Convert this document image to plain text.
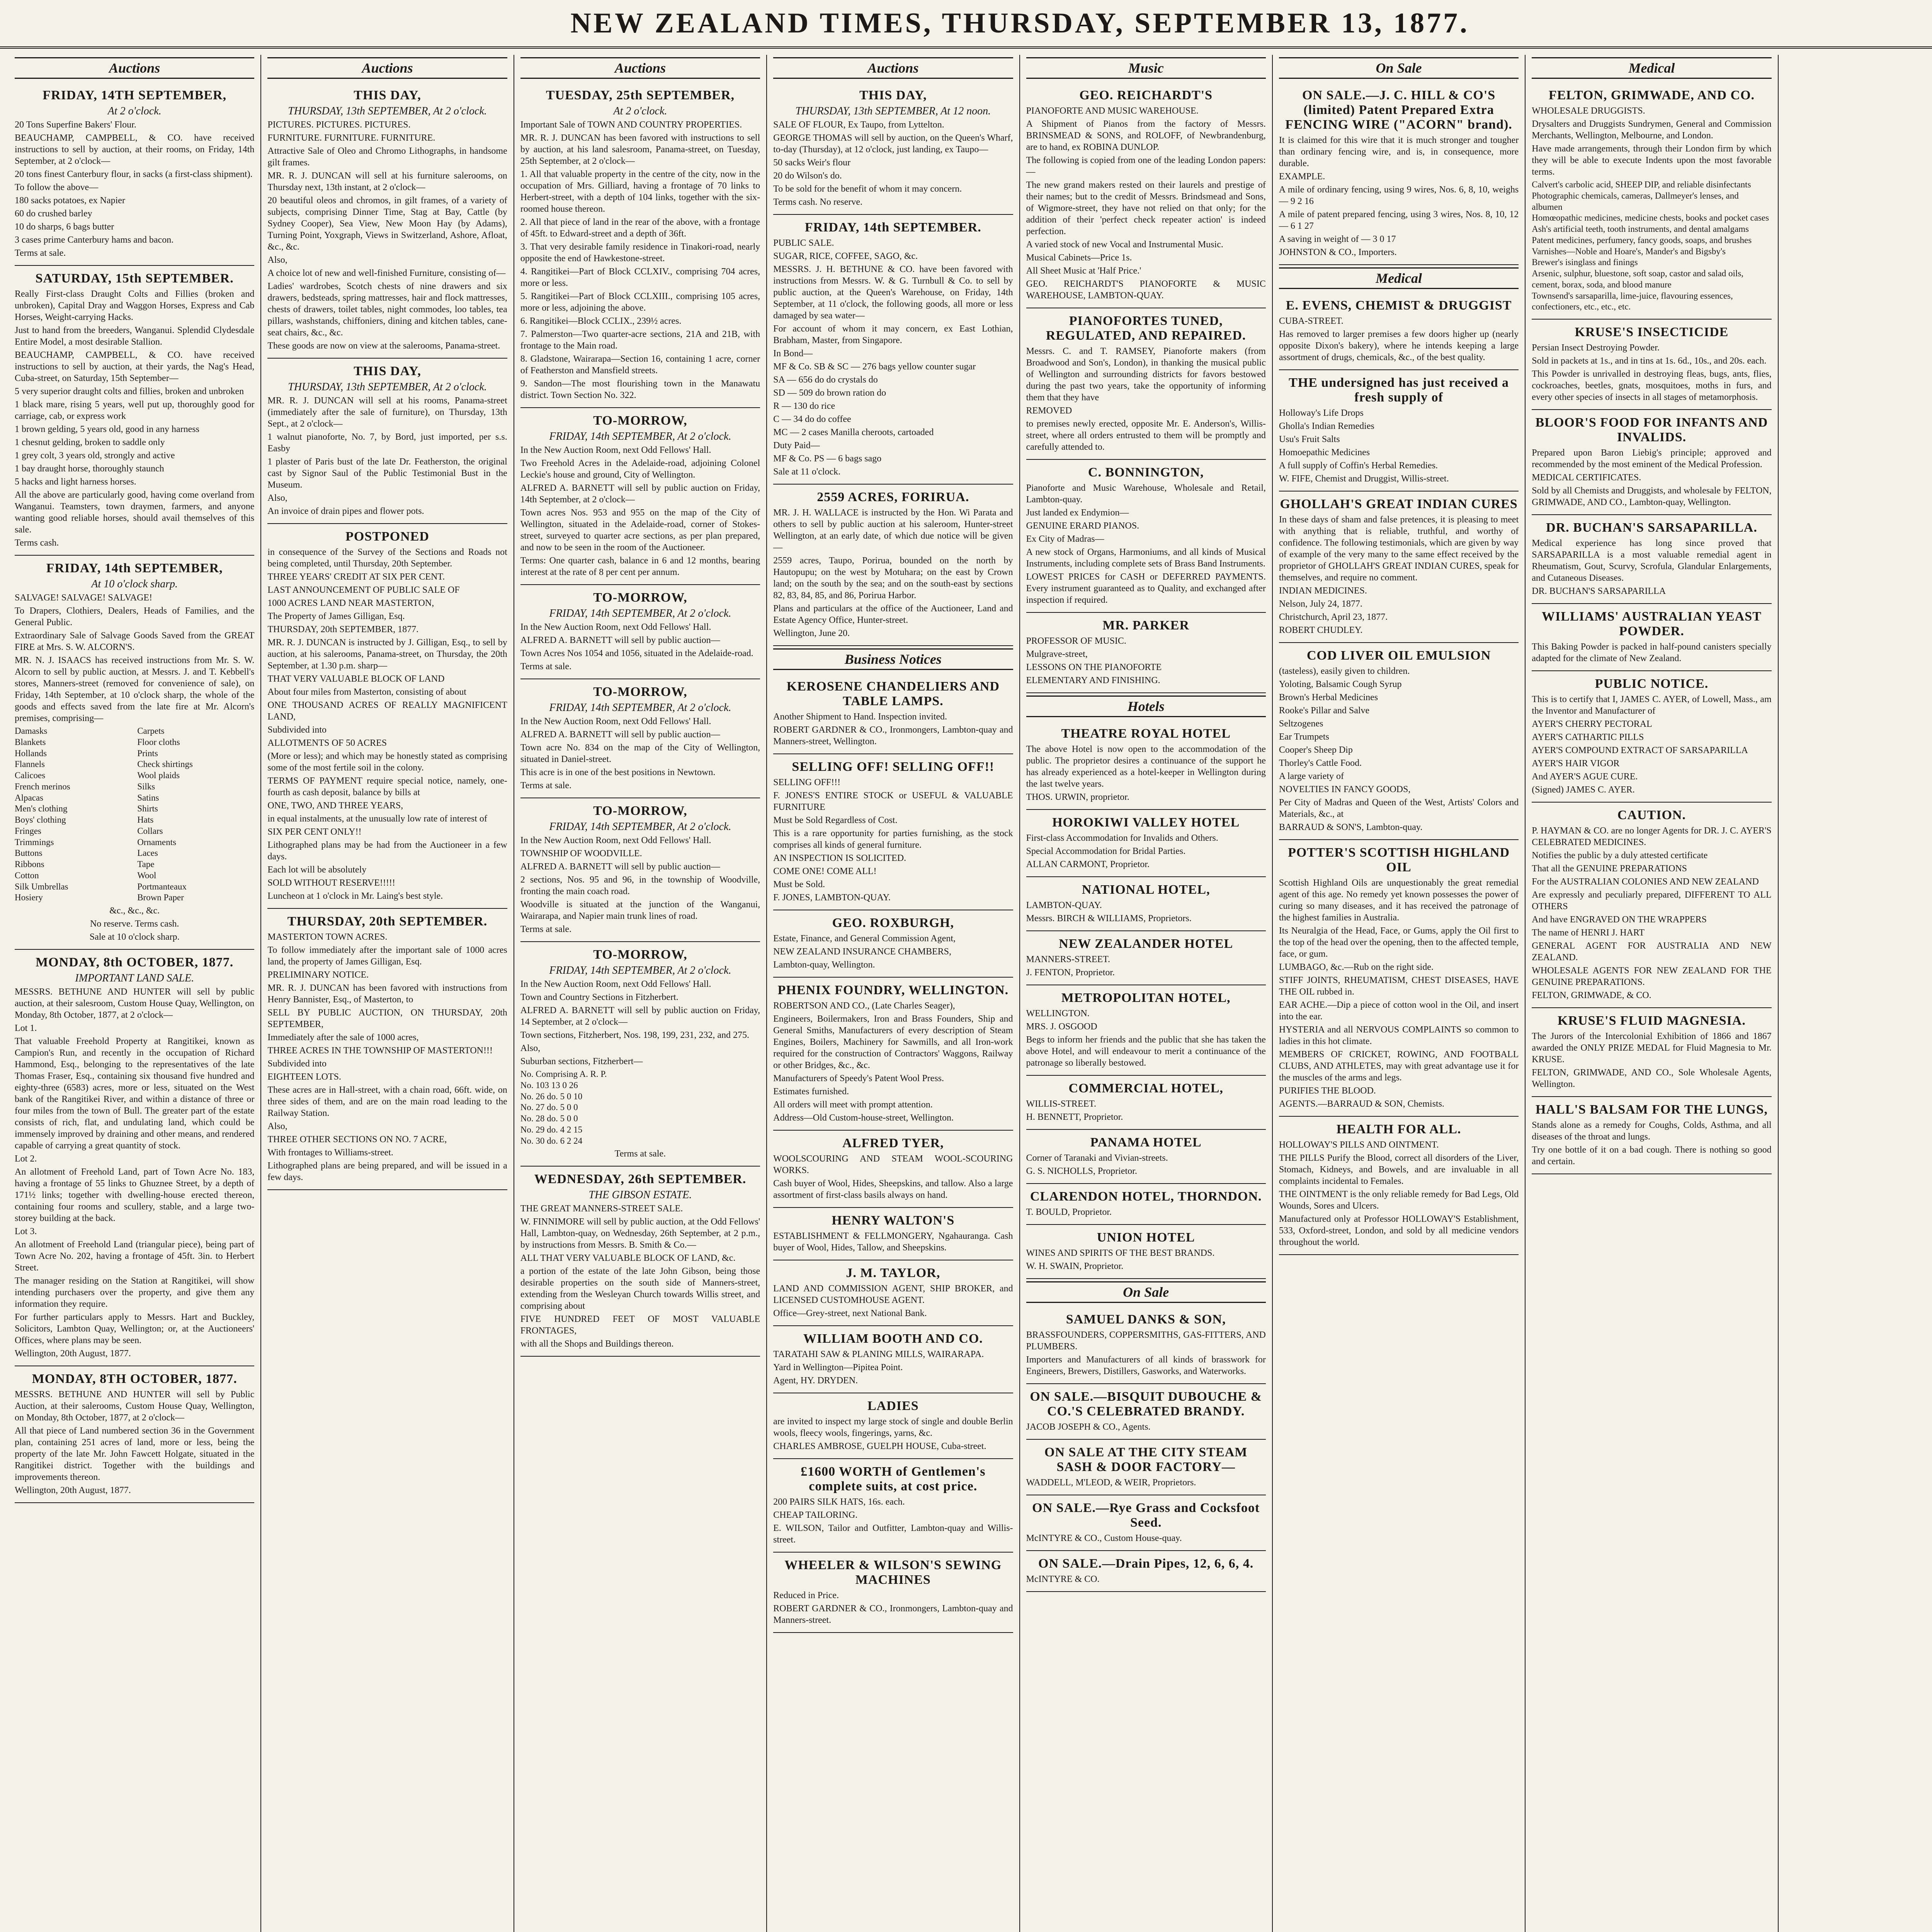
NEW ZEALAND TIMES, THURSDAY, SEPTEMBER 13, 1877.
Auctions
FRIDAY, 14TH SEPTEMBER,
At 2 o'clock.

20 Tons Superfine Bakers' Flour.

BEAUCHAMP, CAMPBELL, & CO. have received instructions to sell by auction, at their rooms, on Friday, 14th September, at 2 o'clock—

20 tons finest Canterbury flour, in sacks (a first-class shipment).

To follow the above—

180 sacks potatoes, ex Napier

60 do crushed barley

10 do sharps, 6 bags butter

3 cases prime Canterbury hams and bacon.

Terms at sale.

SATURDAY, 15th SEPTEMBER.

Really First-class Draught Colts and Fillies (broken and unbroken), Capital Dray and Waggon Horses, Express and Cab Horses, Weight-carrying Hacks.

Just to hand from the breeders, Wanganui. Splendid Clydesdale Entire Model, a most desirable Stallion.

BEAUCHAMP, CAMPBELL, & CO. have received instructions to sell by auction, at their yards, the Nag's Head, Cuba-street, on Saturday, 15th September—

5 very superior draught colts and fillies, broken and unbroken

1 black mare, rising 5 years, well put up, thoroughly good for carriage, cab, or express work

1 brown gelding, 5 years old, good in any harness

1 chesnut gelding, broken to saddle only

1 grey colt, 3 years old, strongly and active

1 bay draught horse, thoroughly staunch

5 hacks and light harness horses.

All the above are particularly good, having come overland from Wanganui. Teamsters, town draymen, farmers, and anyone wanting good reliable horses, should avail themselves of this sale.

Terms cash.

FRIDAY, 14th SEPTEMBER,
At 10 o'clock sharp.

SALVAGE! SALVAGE! SALVAGE!

To Drapers, Clothiers, Dealers, Heads of Families, and the General Public.

Extraordinary Sale of Salvage Goods Saved from the GREAT FIRE at Mrs. S. W. ALCORN'S.

MR. N. J. ISAACS has received instructions from Mr. S. W. Alcorn to sell by public auction, at Messrs. J. and T. Kebbell's stores, Manners-street (removed for convenience of sale), on Friday, 14th September, at 10 o'clock sharp, the whole of the goods and effects saved from the late fire at Mr. Alcorn's premises, comprising—

Damasks	Carpets
Blankets	Floor cloths
Hollands	Prints
Flannels	Check shirtings
Calicoes	Wool plaids
French merinos	Silks
Alpacas	Satins
Men's clothing	Shirts
Boys' clothing	Hats
Fringes	Collars
Trimmings	Ornaments
Buttons	Laces
Ribbons	Tape
Cotton	Wool
Silk Umbrellas	Portmanteaux
Hosiery	Brown Paper

&c., &c., &c.

No reserve. Terms cash.

Sale at 10 o'clock sharp.

MONDAY, 8th OCTOBER, 1877.
IMPORTANT LAND SALE.

MESSRS. BETHUNE AND HUNTER will sell by public auction, at their salesroom, Custom House Quay, Wellington, on Monday, 8th October, 1877, at 2 o'clock—

Lot 1.

That valuable Freehold Property at Rangitikei, known as Campion's Run, and recently in the occupation of Richard Hammond, Esq., belonging to the representatives of the late Thomas Fraser, Esq., containing six thousand five hundred and eighty-three (6583) acres, more or less, situated on the West bank of the Rangitikei River, and within a distance of three or four miles from the town of Bull. The greater part of the estate consists of rich, flat, and undulating land, which could be immensely improved by draining and other means, and rendered capable of carrying a great quantity of stock.

Lot 2.

An allotment of Freehold Land, part of Town Acre No. 183, having a frontage of 55 links to Ghuznee Street, by a depth of 171½ links; together with dwelling-house erected thereon, containing four rooms and scullery, stable, and a large two-storey building at the back.

Lot 3.

An allotment of Freehold Land (triangular piece), being part of Town Acre No. 202, having a frontage of 45ft. 3in. to Herbert Street.

The manager residing on the Station at Rangitikei, will show intending purchasers over the property, and give them any information they require.

For further particulars apply to Messrs. Hart and Buckley, Solicitors, Lambton Quay, Wellington; or, at the Auctioneers' Offices, where plans may be seen.

Wellington, 20th August, 1877.

MONDAY, 8TH OCTOBER, 1877.

MESSRS. BETHUNE AND HUNTER will sell by Public Auction, at their salerooms, Custom House Quay, Wellington, on Monday, 8th October, 1877, at 2 o'clock—

All that piece of Land numbered section 36 in the Government plan, containing 251 acres of land, more or less, being the property of the late Mr. John Fawcett Holgate, situated in the Rangitikei district. Together with the buildings and improvements thereon.

Wellington, 20th August, 1877.

Auctions
THIS DAY,
THURSDAY, 13th SEPTEMBER, At 2 o'clock.

PICTURES. PICTURES. PICTURES.

FURNITURE. FURNITURE. FURNITURE.

Attractive Sale of Oleo and Chromo Lithographs, in handsome gilt frames.

MR. R. J. DUNCAN will sell at his furniture salerooms, on Thursday next, 13th instant, at 2 o'clock—

20 beautiful oleos and chromos, in gilt frames, of a variety of subjects, comprising Dinner Time, Stag at Bay, Cattle (by Sydney Cooper), Sea View, New Moon Hay (by Adams), Turning Point, Yoxgraph, Views in Switzerland, Ashore, Afloat, &c., &c.

Also,

A choice lot of new and well-finished Furniture, consisting of—

Ladies' wardrobes, Scotch chests of nine drawers and six drawers, bedsteads, spring mattresses, hair and flock mattresses, chests of drawers, toilet tables, night commodes, loo tables, tea pillars, washstands, chiffoniers, dining and kitchen tables, cane-seat chairs, &c., &c.

These goods are now on view at the salerooms, Panama-street.

THIS DAY,
THURSDAY, 13th SEPTEMBER, At 2 o'clock.

MR. R. J. DUNCAN will sell at his rooms, Panama-street (immediately after the sale of furniture), on Thursday, 13th Sept., at 2 o'clock—

1 walnut pianoforte, No. 7, by Bord, just imported, per s.s. Easby

1 plaster of Paris bust of the late Dr. Featherston, the original cast by Signor Saul of the Public Testimonial Bust in the Museum.

Also,

An invoice of drain pipes and flower pots.

POSTPONED

in consequence of the Survey of the Sections and Roads not being completed, until Thursday, 20th September.

THREE YEARS' CREDIT AT SIX PER CENT.

LAST ANNOUNCEMENT OF PUBLIC SALE OF

1000 ACRES LAND NEAR MASTERTON,

The Property of James Gilligan, Esq.

THURSDAY, 20th SEPTEMBER, 1877.

MR. R. J. DUNCAN is instructed by J. Gilligan, Esq., to sell by auction, at his salerooms, Panama-street, on Thursday, the 20th September, at 1.30 p.m. sharp—

THAT VERY VALUABLE BLOCK OF LAND

About four miles from Masterton, consisting of about

ONE THOUSAND ACRES OF REALLY MAGNIFICENT LAND,

Subdivided into

ALLOTMENTS OF 50 ACRES

(More or less); and which may be honestly stated as comprising some of the most fertile soil in the colony.

TERMS OF PAYMENT require special notice, namely, one-fourth as cash deposit, balance by bills at

ONE, TWO, AND THREE YEARS,

in equal instalments, at the unusually low rate of interest of

SIX PER CENT ONLY!!

Lithographed plans may be had from the Auctioneer in a few days.

Each lot will be absolutely

SOLD WITHOUT RESERVE!!!!!

Luncheon at 1 o'clock in Mr. Laing's best style.

THURSDAY, 20th SEPTEMBER.

MASTERTON TOWN ACRES.

To follow immediately after the important sale of 1000 acres land, the property of James Gilligan, Esq.

PRELIMINARY NOTICE.

MR. R. J. DUNCAN has been favored with instructions from Henry Bannister, Esq., of Masterton, to

SELL BY PUBLIC AUCTION, ON THURSDAY, 20th SEPTEMBER,

Immediately after the sale of 1000 acres,

THREE ACRES IN THE TOWNSHIP OF MASTERTON!!!

Subdivided into

EIGHTEEN LOTS.

These acres are in Hall-street, with a chain road, 66ft. wide, on three sides of them, and are on the main road leading to the Railway Station.

Also,

THREE OTHER SECTIONS ON NO. 7 ACRE,

With frontages to Williams-street.

Lithographed plans are being prepared, and will be issued in a few days.

Auctions
TUESDAY, 25th SEPTEMBER,
At 2 o'clock.

Important Sale of TOWN AND COUNTRY PROPERTIES.

MR. R. J. DUNCAN has been favored with instructions to sell by auction, at his land salesroom, Panama-street, on Tuesday, 25th September, at 2 o'clock—

1. All that valuable property in the centre of the city, now in the occupation of Mrs. Gilliard, having a frontage of 70 links to Herbert-street, with a depth of 104 links, together with the six-roomed house thereon.

2. All that piece of land in the rear of the above, with a frontage of 45ft. to Edward-street and a depth of 36ft.

3. That very desirable family residence in Tinakori-road, nearly opposite the end of Hawkestone-street.

4. Rangitikei—Part of Block CCLXIV., comprising 704 acres, more or less.

5. Rangitikei—Part of Block CCLXIII., comprising 105 acres, more or less, adjoining the above.

6. Rangitikei—Block CCLIX., 239½ acres.

7. Palmerston—Two quarter-acre sections, 21A and 21B, with frontage to the Main road.

8. Gladstone, Wairarapa—Section 16, containing 1 acre, corner of Featherston and Mansfield streets.

9. Sandon—The most flourishing town in the Manawatu district. Town Section No. 322.

TO-MORROW,
FRIDAY, 14th SEPTEMBER, At 2 o'clock.

In the New Auction Room, next Odd Fellows' Hall.

Two Freehold Acres in the Adelaide-road, adjoining Colonel Leckie's house and ground, City of Wellington.

ALFRED A. BARNETT will sell by public auction on Friday, 14th September, at 2 o'clock—

Town acres Nos. 953 and 955 on the map of the City of Wellington, situated in the Adelaide-road, corner of Stokes-street, surveyed to quarter acre sections, as per plan prepared, and now to be seen in the room of the Auctioneer.

Terms: One quarter cash, balance in 6 and 12 months, bearing interest at the rate of 8 per cent per annum.

TO-MORROW,
FRIDAY, 14th SEPTEMBER, At 2 o'clock.

In the New Auction Room, next Odd Fellows' Hall.

ALFRED A. BARNETT will sell by public auction—

Town Acres Nos 1054 and 1056, situated in the Adelaide-road.

Terms at sale.

TO-MORROW,
FRIDAY, 14th SEPTEMBER, At 2 o'clock.

In the New Auction Room, next Odd Fellows' Hall.

ALFRED A. BARNETT will sell by public auction—

Town acre No. 834 on the map of the City of Wellington, situated in Daniel-street.

This acre is in one of the best positions in Newtown.

Terms at sale.

TO-MORROW,
FRIDAY, 14th SEPTEMBER, At 2 o'clock.

In the New Auction Room, next Odd Fellows' Hall.

TOWNSHIP OF WOODVILLE.

ALFRED A. BARNETT will sell by public auction—

2 sections, Nos. 95 and 96, in the township of Woodville, fronting the main coach road.

Woodville is situated at the junction of the Wanganui, Wairarapa, and Napier main trunk lines of road.

Terms at sale.

TO-MORROW,
FRIDAY, 14th SEPTEMBER, At 2 o'clock.

In the New Auction Room, next Odd Fellows' Hall.

Town and Country Sections in Fitzherbert.

ALFRED A. BARNETT will sell by public auction on Friday, 14 September, at 2 o'clock—

Town sections, Fitzherbert, Nos. 198, 199, 231, 232, and 275.

Also,

Suburban sections, Fitzherbert—

No. Comprising A. R. P.
No. 103 13 0 26
No. 26 do. 5 0 10
No. 27 do. 5 0 0
No. 28 do. 5 0 0
No. 29 do. 4 2 15
No. 30 do. 6 2 24

Terms at sale.

WEDNESDAY, 26th SEPTEMBER.
THE GIBSON ESTATE.

THE GREAT MANNERS-STREET SALE.

W. FINNIMORE will sell by public auction, at the Odd Fellows' Hall, Lambton-quay, on Wednesday, 26th September, at 2 p.m., by instructions from Messrs. B. Smith & Co.—

ALL THAT VERY VALUABLE BLOCK OF LAND, &c.

a portion of the estate of the late John Gibson, being those desirable properties on the south side of Manners-street, extending from the Wesleyan Church towards Willis street, and comprising about

FIVE HUNDRED FEET OF MOST VALUABLE FRONTAGES,

with all the Shops and Buildings thereon.

Auctions
THIS DAY,
THURSDAY, 13th SEPTEMBER, At 12 noon.

SALE OF FLOUR, Ex Taupo, from Lyttelton.

GEORGE THOMAS will sell by auction, on the Queen's Wharf, to-day (Thursday), at 12 o'clock, just landing, ex Taupo—

50 sacks Weir's flour

20 do Wilson's do.

To be sold for the benefit of whom it may concern.

Terms cash. No reserve.

FRIDAY, 14th SEPTEMBER.

PUBLIC SALE.

SUGAR, RICE, COFFEE, SAGO, &c.

MESSRS. J. H. BETHUNE & CO. have been favored with instructions from Messrs. W. & G. Turnbull & Co. to sell by public auction, at the Queen's Warehouse, on Friday, 14th September, at 11 o'clock, the following goods, all more or less damaged by sea water—

For account of whom it may concern, ex East Lothian, Brabham, Master, from Singapore.

In Bond—

MF & Co. SB & SC — 276 bags yellow counter sugar

SA — 656 do do crystals do

SD — 509 do brown ration do

R — 130 do rice

C — 34 do do coffee

MC — 2 cases Manilla cheroots, cartoaded

Duty Paid—

MF & Co. PS — 6 bags sago

Sale at 11 o'clock.

2559 ACRES, FORIRUA.

MR. J. H. WALLACE is instructed by the Hon. Wi Parata and others to sell by public auction at his saleroom, Hunter-street Wellington, at an early date, of which due notice will be given—

2559 acres, Taupo, Porirua, bounded on the north by Hautopupu; on the west by Motuhara; on the east by Crown land; on the south by the sea; and on the south-east by sections 82, 83, 84, 85, and 86, Porirua Harbor.

Plans and particulars at the office of the Auctioneer, Land and Estate Agency Office, Hunter-street.

Wellington, June 20.

Business Notices
KEROSENE CHANDELIERS AND TABLE LAMPS.

Another Shipment to Hand. Inspection invited.

ROBERT GARDNER & CO., Ironmongers, Lambton-quay and Manners-street, Wellington.

SELLING OFF! SELLING OFF!!

SELLING OFF!!!

F. JONES'S ENTIRE STOCK or USEFUL & VALUABLE FURNITURE

Must be Sold Regardless of Cost.

This is a rare opportunity for parties furnishing, as the stock comprises all kinds of general furniture.

AN INSPECTION IS SOLICITED.

COME ONE! COME ALL!

Must be Sold.

F. JONES, LAMBTON-QUAY.

GEO. ROXBURGH,

Estate, Finance, and General Commission Agent,

NEW ZEALAND INSURANCE CHAMBERS,

Lambton-quay, Wellington.

PHENIX FOUNDRY, WELLINGTON.

ROBERTSON AND CO., (Late Charles Seager),

Engineers, Boilermakers, Iron and Brass Founders, Ship and General Smiths, Manufacturers of every description of Steam Engines, Boilers, Machinery for Sawmills, and all Iron-work required for the construction of Contractors' Waggons, Railway or other Bridges, &c., &c.

Manufacturers of Speedy's Patent Wool Press.

Estimates furnished.

All orders will meet with prompt attention.

Address—Old Custom-house-street, Wellington.

ALFRED TYER,

WOOLSCOURING AND STEAM WOOL-SCOURING WORKS.

Cash buyer of Wool, Hides, Sheepskins, and tallow. Also a large assortment of first-class basils always on hand.

HENRY WALTON'S

ESTABLISHMENT & FELLMONGERY, Ngahauranga. Cash buyer of Wool, Hides, Tallow, and Sheepskins.

J. M. TAYLOR,

LAND AND COMMISSION AGENT, SHIP BROKER, and LICENSED CUSTOMHOUSE AGENT.

Office—Grey-street, next National Bank.

WILLIAM BOOTH AND CO.

TARATAHI SAW & PLANING MILLS, WAIRARAPA.

Yard in Wellington—Pipitea Point.

Agent, HY. DRYDEN.

LADIES

are invited to inspect my large stock of single and double Berlin wools, fleecy wools, fingerings, yarns, &c.

CHARLES AMBROSE, GUELPH HOUSE, Cuba-street.

£1600 WORTH of Gentlemen's complete suits, at cost price.

200 PAIRS SILK HATS, 16s. each.

CHEAP TAILORING.

E. WILSON, Tailor and Outfitter, Lambton-quay and Willis-street.

WHEELER & WILSON'S SEWING MACHINES

Reduced in Price.

ROBERT GARDNER & CO., Ironmongers, Lambton-quay and Manners-street.

Music
GEO. REICHARDT'S

PIANOFORTE AND MUSIC WAREHOUSE.

A Shipment of Pianos from the factory of Messrs. BRINSMEAD & SONS, and ROLOFF, of Newbrandenburg, are to hand, ex ROBINA DUNLOP.

The following is copied from one of the leading London papers:—

The new grand makers rested on their laurels and prestige of their names; but to the credit of Messrs. Brindsmead and Sons, of Wigmore-street, they have not relied on that only; for the addition of their 'perfect check repeater action' is indeed perfection.

A varied stock of new Vocal and Instrumental Music.

Musical Cabinets—Price 1s.

All Sheet Music at 'Half Price.'

GEO. REICHARDT'S PIANOFORTE & MUSIC WAREHOUSE, LAMBTON-QUAY.

PIANOFORTES TUNED, REGULATED, AND REPAIRED.

Messrs. C. and T. RAMSEY, Pianoforte makers (from Broadwood and Son's, London), in thanking the musical public of Wellington and surrounding districts for favors bestowed during the past two years, take the opportunity of informing them that they have

REMOVED

to premises newly erected, opposite Mr. E. Anderson's, Willis-street, where all orders entrusted to them will be promptly and carefully attended to.

C. BONNINGTON,

Pianoforte and Music Warehouse, Wholesale and Retail, Lambton-quay.

Just landed ex Endymion—

GENUINE ERARD PIANOS.

Ex City of Madras—

A new stock of Organs, Harmoniums, and all kinds of Musical Instruments, including complete sets of Brass Band Instruments.

LOWEST PRICES for CASH or DEFERRED PAYMENTS. Every instrument guaranteed as to Quality, and exchanged after inspection if required.

MR. PARKER

PROFESSOR OF MUSIC.

Mulgrave-street,

LESSONS ON THE PIANOFORTE

ELEMENTARY AND FINISHING.

Hotels
THEATRE ROYAL HOTEL

The above Hotel is now open to the accommodation of the public. The proprietor desires a continuance of the support he has already experienced as a hotel-keeper in Wellington during the last twelve years.

THOS. URWIN, proprietor.

HOROKIWI VALLEY HOTEL

First-class Accommodation for Invalids and Others.

Special Accommodation for Bridal Parties.

ALLAN CARMONT, Proprietor.

NATIONAL HOTEL,

LAMBTON-QUAY.

Messrs. BIRCH & WILLIAMS, Proprietors.

NEW ZEALANDER HOTEL

MANNERS-STREET.

J. FENTON, Proprietor.

METROPOLITAN HOTEL,

WELLINGTON.

MRS. J. OSGOOD

Begs to inform her friends and the public that she has taken the above Hotel, and will endeavour to merit a continuance of the patronage so liberally bestowed.

COMMERCIAL HOTEL,

WILLIS-STREET.

H. BENNETT, Proprietor.

PANAMA HOTEL

Corner of Taranaki and Vivian-streets.

G. S. NICHOLLS, Proprietor.

CLARENDON HOTEL, THORNDON.

T. BOULD, Proprietor.

UNION HOTEL

WINES AND SPIRITS OF THE BEST BRANDS.

W. H. SWAIN, Proprietor.

On Sale
SAMUEL DANKS & SON,

BRASSFOUNDERS, COPPERSMITHS, GAS-FITTERS, AND PLUMBERS.

Importers and Manufacturers of all kinds of brasswork for Engineers, Brewers, Distillers, Gasworks, and Waterworks.

ON SALE.—BISQUIT DUBOUCHE & CO.'S CELEBRATED BRANDY.

JACOB JOSEPH & CO., Agents.

ON SALE AT THE CITY STEAM SASH & DOOR FACTORY—

WADDELL, M'LEOD, & WEIR, Proprietors.

ON SALE.—Rye Grass and Cocksfoot Seed.

McINTYRE & CO., Custom House-quay.

ON SALE.—Drain Pipes, 12, 6, 6, 4.

McINTYRE & CO.

On Sale
ON SALE.—J. C. HILL & CO'S (limited) Patent Prepared Extra FENCING WIRE ("ACORN" brand).

It is claimed for this wire that it is much stronger and tougher than ordinary fencing wire, and is, in consequence, more durable.

EXAMPLE.

A mile of ordinary fencing, using 9 wires, Nos. 6, 8, 10, weighs — 9 2 16

A mile of patent prepared fencing, using 3 wires, Nos. 8, 10, 12 — 6 1 27

A saving in weight of — 3 0 17

JOHNSTON & CO., Importers.

Medical
E. EVENS, CHEMIST & DRUGGIST

CUBA-STREET.

Has removed to larger premises a few doors higher up (nearly opposite Dixon's bakery), where he intends keeping a large assortment of drugs, chemicals, &c., of the best quality.

THE undersigned has just received a fresh supply of

Holloway's Life Drops

Gholla's Indian Remedies

Usu's Fruit Salts

Homoepathic Medicines

A full supply of Coffin's Herbal Remedies.

W. FIFE, Chemist and Druggist, Willis-street.

GHOLLAH'S GREAT INDIAN CURES

In these days of sham and false pretences, it is pleasing to meet with anything that is reliable, truthful, and worthy of confidence. The following testimonials, which are given by way of example of the very many to the same effect received by the proprietor of GHOLLAH'S GREAT INDIAN CURES, speak for themselves, and require no comment.

INDIAN MEDICINES.

Nelson, July 24, 1877.

Christchurch, April 23, 1877.

ROBERT CHUDLEY.

COD LIVER OIL EMULSION

(tasteless), easily given to children.

Yoloting, Balsamic Cough Syrup

Brown's Herbal Medicines

Rooke's Pillar and Salve

Seltzogenes

Ear Trumpets

Cooper's Sheep Dip

Thorley's Cattle Food.

A large variety of

NOVELTIES IN FANCY GOODS,

Per City of Madras and Queen of the West, Artists' Colors and Materials, &c., at

BARRAUD & SON'S, Lambton-quay.

POTTER'S SCOTTISH HIGHLAND OIL

Scottish Highland Oils are unquestionably the great remedial agent of this age. No remedy yet known possesses the power of curing so many diseases, and it has received the patronage of the highest families in Australia.

Its Neuralgia of the Head, Face, or Gums, apply the Oil first to the top of the head over the opening, then to the affected temple, face, or gum.

LUMBAGO, &c.—Rub on the right side.

STIFF JOINTS, RHEUMATISM, CHEST DISEASES, HAVE THE OIL rubbed in.

EAR ACHE.—Dip a piece of cotton wool in the Oil, and insert into the ear.

HYSTERIA and all NERVOUS COMPLAINTS so common to ladies in this hot climate.

MEMBERS OF CRICKET, ROWING, AND FOOTBALL CLUBS, AND ATHLETES, may with great advantage use it for the muscles of the arms and legs.

PURIFIES THE BLOOD.

AGENTS.—BARRAUD & SON, Chemists.

HEALTH FOR ALL.

HOLLOWAY'S PILLS AND OINTMENT.

THE PILLS Purify the Blood, correct all disorders of the Liver, Stomach, Kidneys, and Bowels, and are invaluable in all complaints incidental to Females.

THE OINTMENT is the only reliable remedy for Bad Legs, Old Wounds, Sores and Ulcers.

Manufactured only at Professor HOLLOWAY'S Establishment, 533, Oxford-street, London, and sold by all medicine vendors throughout the world.

Medical
FELTON, GRIMWADE, AND CO.

WHOLESALE DRUGGISTS.

Drysalters and Druggists Sundrymen, General and Commission Merchants, Wellington, Melbourne, and London.

Have made arrangements, through their London firm by which they will be able to execute Indents upon the most favorable terms.

Calvert's carbolic acid, SHEEP DIP, and reliable disinfectants
Photographic chemicals, cameras, Dallmeyer's lenses, and albumen
Homœopathic medicines, medicine chests, books and pocket cases
Ash's artificial teeth, tooth instruments, and dental amalgams
Patent medicines, perfumery, fancy goods, soaps, and brushes
Varnishes—Noble and Hoare's, Mander's and Bigsby's
Brewer's isinglass and finings
Arsenic, sulphur, bluestone, soft soap, castor and salad oils, cement, borax, soda, and blood manure
Townsend's sarsaparilla, lime-juice, flavouring essences, confectioners, etc., etc., etc.
KRUSE'S INSECTICIDE

Persian Insect Destroying Powder.

Sold in packets at 1s., and in tins at 1s. 6d., 10s., and 20s. each.

This Powder is unrivalled in destroying fleas, bugs, ants, flies, cockroaches, beetles, gnats, mosquitoes, moths in furs, and every other species of insects in all stages of metamorphosis.

BLOOR'S FOOD FOR INFANTS AND INVALIDS.

Prepared upon Baron Liebig's principle; approved and recommended by the most eminent of the Medical Profession.

MEDICAL CERTIFICATES.

Sold by all Chemists and Druggists, and wholesale by FELTON, GRIMWADE, AND CO., Lambton-quay, Wellington.

DR. BUCHAN'S SARSAPARILLA.

Medical experience has long since proved that SARSAPARILLA is a most valuable remedial agent in Rheumatism, Gout, Scurvy, Scrofula, Glandular Enlargements, and Cutaneous Diseases.

DR. BUCHAN'S SARSAPARILLA

WILLIAMS' AUSTRALIAN YEAST POWDER.

This Baking Powder is packed in half-pound canisters specially adapted for the climate of New Zealand.

PUBLIC NOTICE.

This is to certify that I, JAMES C. AYER, of Lowell, Mass., am the Inventor and Manufacturer of

AYER'S CHERRY PECTORAL

AYER'S CATHARTIC PILLS

AYER'S COMPOUND EXTRACT OF SARSAPARILLA

AYER'S HAIR VIGOR

And AYER'S AGUE CURE.

(Signed) JAMES C. AYER.

CAUTION.

P. HAYMAN & CO. are no longer Agents for DR. J. C. AYER'S CELEBRATED MEDICINES.

Notifies the public by a duly attested certificate

That all the GENUINE PREPARATIONS

For the AUSTRALIAN COLONIES AND NEW ZEALAND

Are expressly and peculiarly prepared, DIFFERENT TO ALL OTHERS

And have ENGRAVED ON THE WRAPPERS

The name of HENRI J. HART

GENERAL AGENT FOR AUSTRALIA AND NEW ZEALAND.

WHOLESALE AGENTS FOR NEW ZEALAND FOR THE GENUINE PREPARATIONS.

FELTON, GRIMWADE, & CO.

KRUSE'S FLUID MAGNESIA.

The Jurors of the Intercolonial Exhibition of 1866 and 1867 awarded the ONLY PRIZE MEDAL for Fluid Magnesia to Mr. KRUSE.

FELTON, GRIMWADE, AND CO., Sole Wholesale Agents, Wellington.

HALL'S BALSAM FOR THE LUNGS,

Stands alone as a remedy for Coughs, Colds, Asthma, and all diseases of the throat and lungs.

Try one bottle of it on a bad cough. There is nothing so good and certain.
